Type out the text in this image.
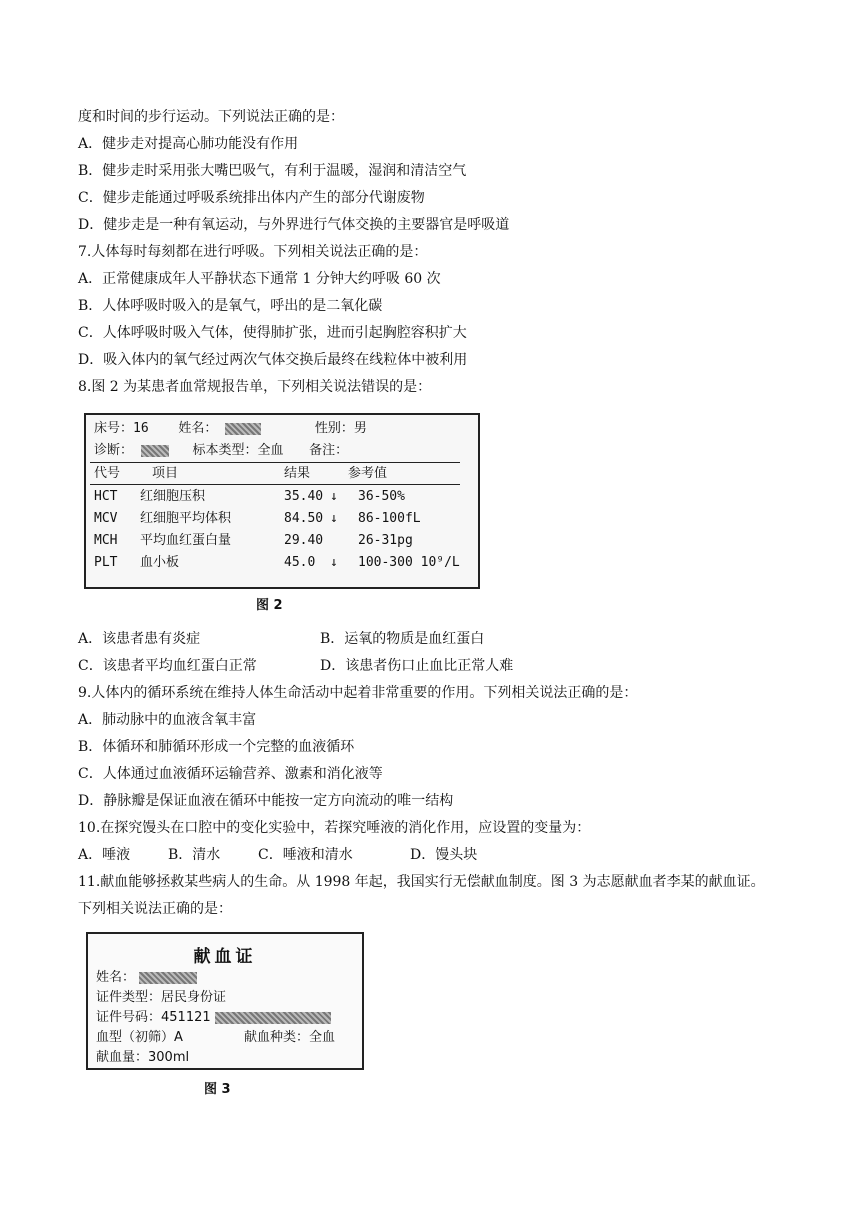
度和时间的步行运动。下列说法正确的是：
A．健步走对提高心肺功能没有作用
B．健步走时采用张大嘴巴吸气，有利于温暖，湿润和清洁空气
C．健步走能通过呼吸系统排出体内产生的部分代谢废物
D．健步走是一种有氧运动，与外界进行气体交换的主要器官是呼吸道
7.人体每时每刻都在进行呼吸。下列相关说法正确的是：
A．正常健康成年人平静状态下通常 1 分钟大约呼吸 60 次
B．人体呼吸时吸入的是氧气，呼出的是二氧化碳
C．人体呼吸时吸入气体，使得肺扩张，进而引起胸腔容积扩大
D．吸入体内的氧气经过两次气体交换后最终在线粒体中被利用
8.图 2 为某患者血常规报告单，下列相关说法错误的是：
床号：16 姓名：	性别：男
诊断：	标本类型：全血 备注：
代号 项目	结果	参考值
HCT 红细胞压积	35.40 ↓ 36-50%
MCV 红细胞平均体积	84.50 ↓ 86-100fL
MCH 平均血红蛋白量	29.40	26-31pg
PLT 血小板	45.0 ↓ 100-300 10⁹/L
图 2
A．该患者患有炎症	B．运氧的物质是血红蛋白
C．该患者平均血红蛋白正常	D．该患者伤口止血比正常人难
9.人体内的循环系统在维持人体生命活动中起着非常重要的作用。下列相关说法正确的是：
A．肺动脉中的血液含氧丰富
B．体循环和肺循环形成一个完整的血液循环
C．人体通过血液循环运输营养、激素和消化液等
D．静脉瓣是保证血液在循环中能按一定方向流动的唯一结构
10.在探究馒头在口腔中的变化实验中，若探究唾液的消化作用，应设置的变量为：
A．唾液	B．清水	C．唾液和清水	D．馒头块
11.献血能够拯救某些病人的生命。从 1998 年起，我国实行无偿献血制度。图 3 为志愿献血者李某的献血证。
下列相关说法正确的是：
献血证
姓名：
证件类型：居民身份证
证件号码：451121
血型（初筛）A	献血种类：全血
献血量：300ml
图 3
